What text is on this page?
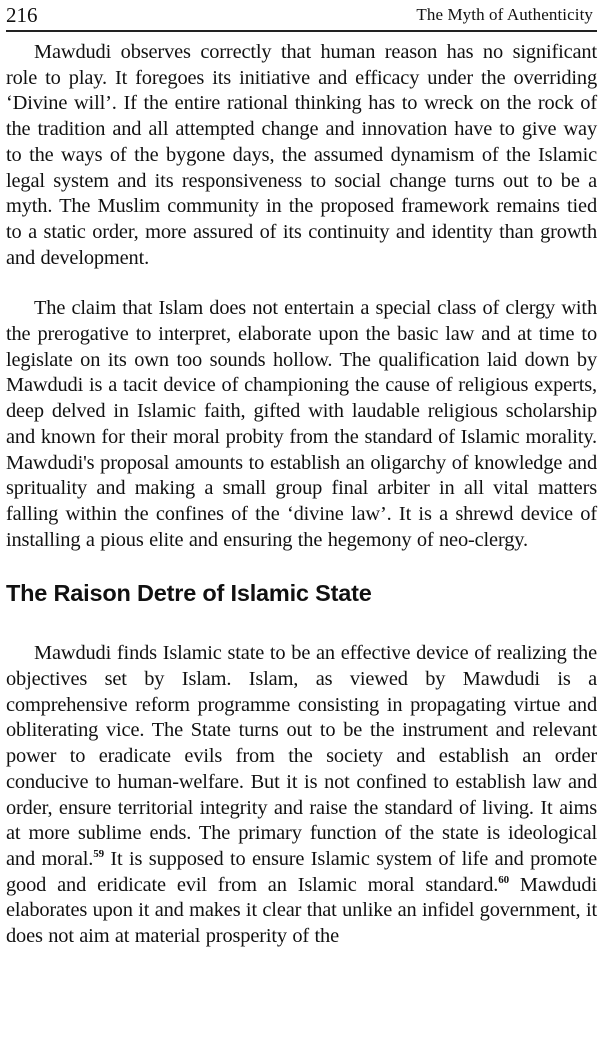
216	The Myth of Authenticity

Mawdudi observes correctly that human reason has no significant role to play. It foregoes its initiative and efficacy under the overriding ‘Divine will’. If the entire rational thinking has to wreck on the rock of the tradition and all attempted change and innovation have to give way to the ways of the bygone days, the assumed dynamism of the Islamic legal system and its responsiveness to social change turns out to be a myth. The Muslim community in the proposed framework remains tied to a static order, more assured of its continuity and identity than growth and development.

The claim that Islam does not entertain a special class of clergy with the prerogative to interpret, elaborate upon the basic law and at time to legislate on its own too sounds hollow. The qualification laid down by Mawdudi is a tacit device of championing the cause of religious experts, deep delved in Islamic faith, gifted with laudable religious scholarship and known for their moral probity from the standard of Islamic morality. Mawdudi's proposal amounts to establish an oligarchy of knowledge and sprituality and making a small group final arbiter in all vital matters falling within the confines of the ‘divine law’. It is a shrewd device of installing a pious elite and ensuring the hegemony of neo-clergy.

The Raison Detre of Islamic State

Mawdudi finds Islamic state to be an effective device of realizing the objectives set by Islam. Islam, as viewed by Mawdudi is a comprehensive reform programme consisting in propagating virtue and obliterating vice. The State turns out to be the instrument and relevant power to eradicate evils from the society and establish an order conducive to human-welfare. But it is not confined to establish law and order, ensure territorial integrity and raise the standard of living. It aims at more sublime ends. The primary function of the state is ideological and moral.$^{59}$ It is supposed to ensure Islamic system of life and promote good and eridicate evil from an Islamic moral standard.$^{60}$ Mawdudi elaborates upon it and makes it clear that unlike an infidel government, it does not aim at material prosperity of the
